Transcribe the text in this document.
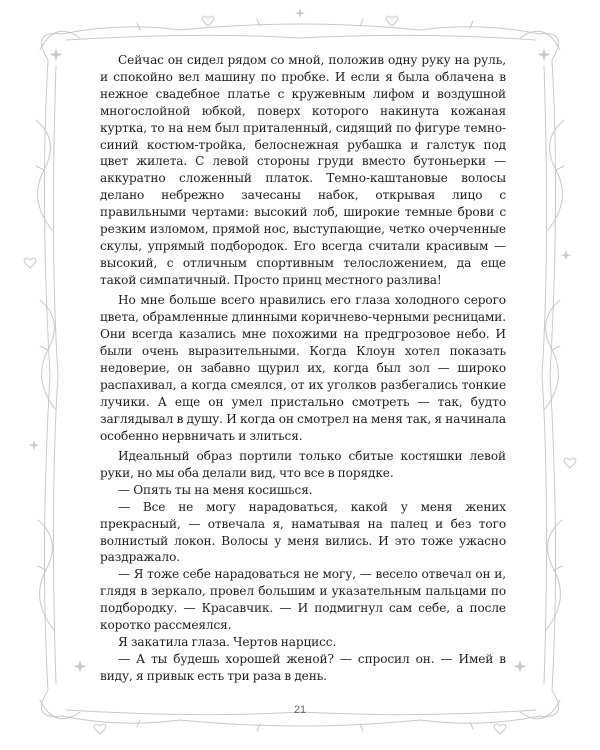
Сейчас он сидел рядом со мной, положив одну руку на руль, и спокойно вел машину по пробке. И если я была облачена в нежное свадебное платье с кружевным лифом и воздушной многослойной юбкой, поверх которого накинута кожаная куртка, то на нем был приталенный, сидящий по фигуре темно-синий костюм-тройка, белоснежная рубашка и галстук под цвет жилета. С левой стороны груди вместо бутоньерки — аккуратно сложенный платок. Темно-каштановые волосы делано небрежно зачесаны набок, открывая лицо с правильными чертами: высокий лоб, широкие темные брови с резким изломом, прямой нос, выступающие, четко очерченные скулы, упрямый подбородок. Его всегда считали красивым — высокий, с отличным спортивным телосложением, да еще такой симпатичный. Просто принц местного разлива!

Но мне больше всего нравились его глаза холодного серого цвета, обрамленные длинными коричнево-черными ресницами. Они всегда казались мне похожими на предгрозовое небо. И были очень выразительными. Когда Клоун хотел показать недоверие, он забавно щурил их, когда был зол — широко распахивал, а когда смеялся, от их уголков разбегались тонкие лучики. А еще он умел пристально смотреть — так, будто заглядывал в душу. И когда он смотрел на меня так, я начинала особенно нервничать и злиться.

Идеальный образ портили только сбитые костяшки левой руки, но мы оба делали вид, что все в порядке.

— Опять ты на меня косишься.

— Все не могу нарадоваться, какой у меня жених прекрасный, — отвечала я, наматывая на палец и без того волнистый локон. Волосы у меня вились. И это тоже ужасно раздражало.

— Я тоже себе нарадоваться не могу, — весело отвечал он и, глядя в зеркало, провел большим и указательным пальцами по подбородку. — Красавчик. — И подмигнул сам себе, а после коротко рассмеялся.

Я закатила глаза. Чертов нарцисс.

— А ты будешь хорошей женой? — спросил он. — Имей в виду, я привык есть три раза в день.

21
